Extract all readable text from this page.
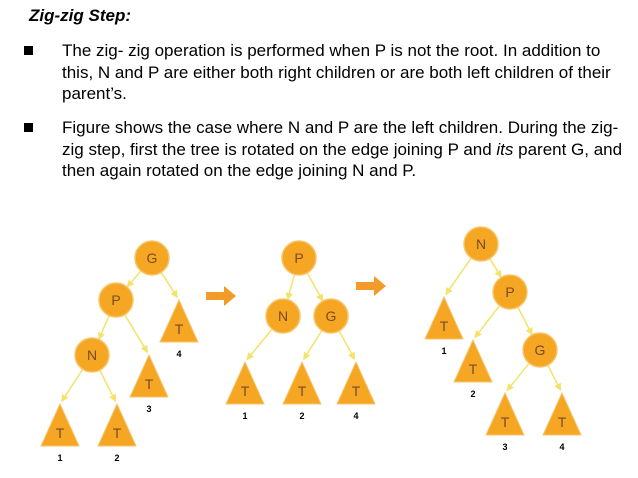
Zig-zig Step:
The zig- zig operation is performed when P is not the root. In addition to this, N and P are either both right children or are both left children of their parent’s.
Figure shows the case where N and P are the left children. During the zig- zig step, first the tree is rotated on the edge joining P and its parent G, and then again rotated on the edge joining N and P.
G
P
T
4
N
T
3
T
1
T
2
P
N	G
T
1
T
2
T
4
N
T
1
P
T
2
G
T
3
T
4
